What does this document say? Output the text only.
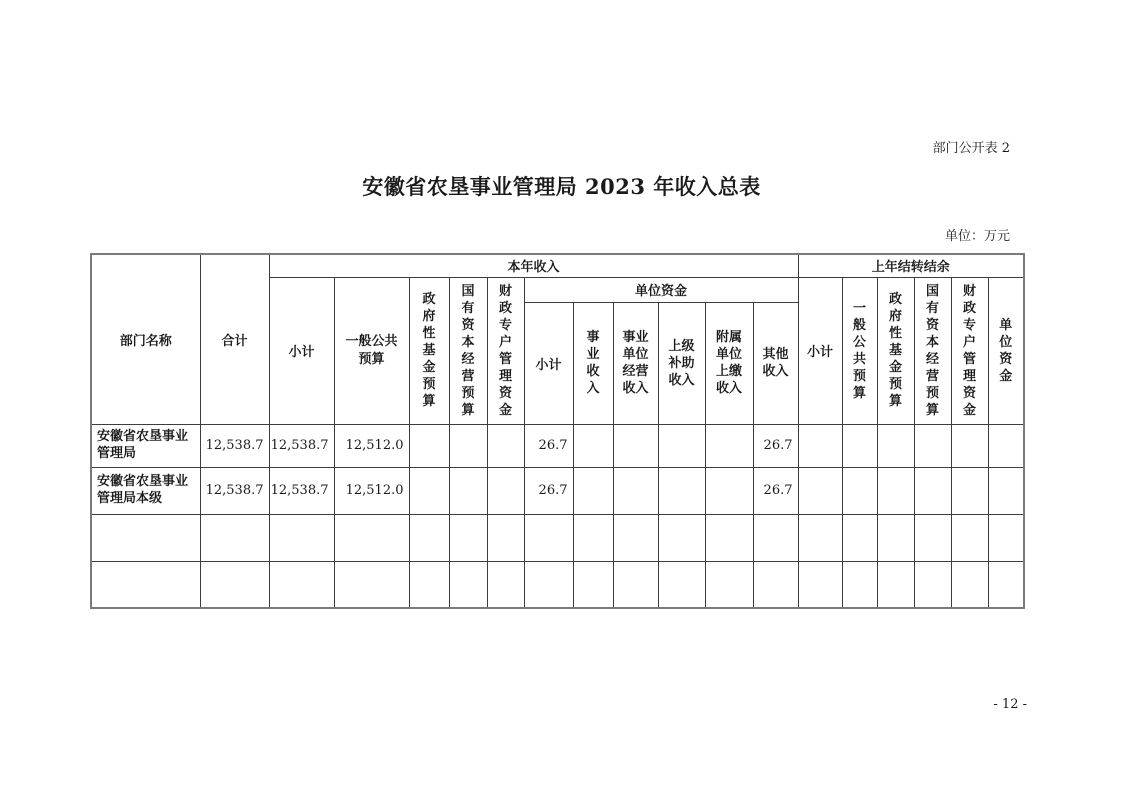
部门公开表 2
安徽省农垦事业管理局 2023 年收入总表
单位：万元
部门名称	合计	本年收入											上年结转结余					
		小计	一般公共预算	政府性基金预算	国有资本经营预算	财政专户管理资金	单位资金						小计	一般公共预算	政府性基金预算	国有资本经营预算	财政专户管理资金	单位资金
							小计	事业收入	事业单位经营收入	上级补助收入	附属单位上缴收入	其他收入						
安徽省农垦事业管理局	12,538.7	12,538.7	12,512.0				26.7					26.7						
安徽省农垦事业管理局本级	12,538.7	12,538.7	12,512.0				26.7					26.7						

- 12 -
